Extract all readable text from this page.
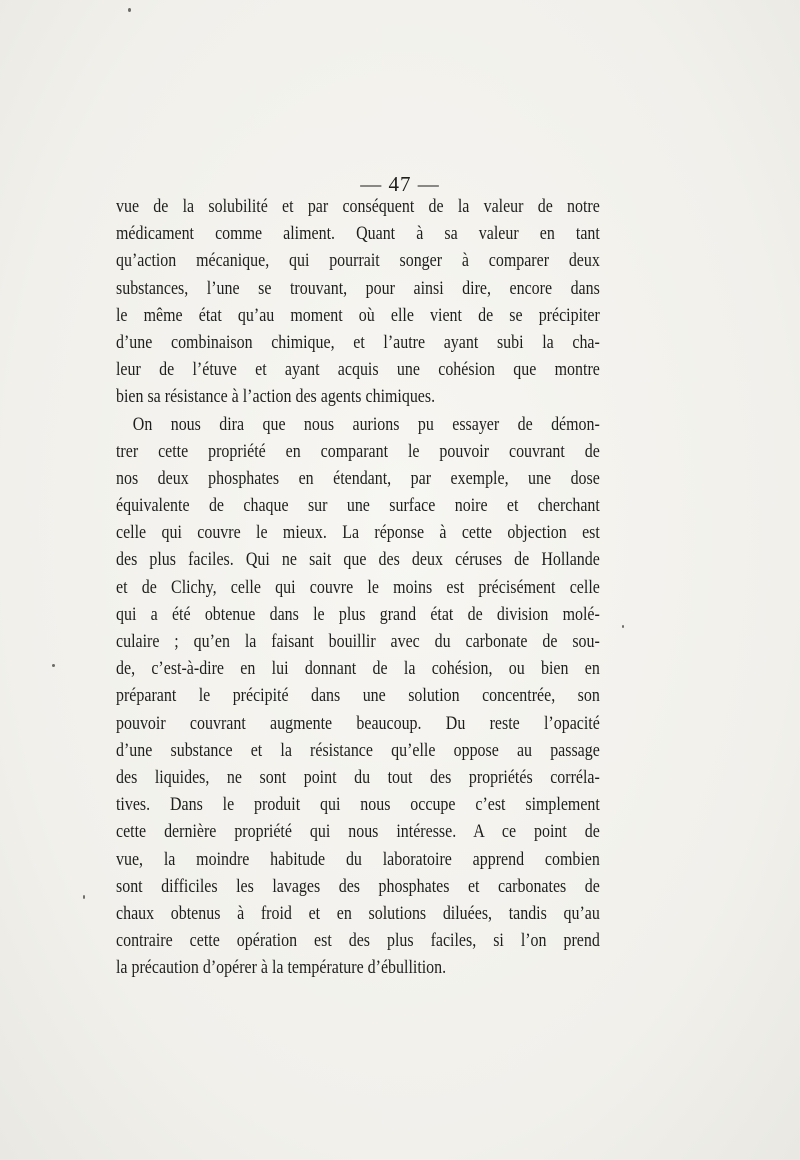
— 47 —
vue de la solubilité et par conséquent de la valeur de notre
médicament comme aliment. Quant à sa valeur en tant
qu’action mécanique, qui pourrait songer à comparer deux
substances, l’une se trouvant, pour ainsi dire, encore dans
le même état qu’au moment où elle vient de se précipiter
d’une combinaison chimique, et l’autre ayant subi la cha-
leur de l’étuve et ayant acquis une cohésion que montre
bien sa résistance à l’action des agents chimiques.
On nous dira que nous aurions pu essayer de démon-
trer cette propriété en comparant le pouvoir couvrant de
nos deux phosphates en étendant, par exemple, une dose
équivalente de chaque sur une surface noire et cherchant
celle qui couvre le mieux. La réponse à cette objection est
des plus faciles. Qui ne sait que des deux céruses de Hollande
et de Clichy, celle qui couvre le moins est précisément celle
qui a été obtenue dans le plus grand état de division molé-
culaire ; qu’en la faisant bouillir avec du carbonate de sou-
de, c’est-à-dire en lui donnant de la cohésion, ou bien en
préparant le précipité dans une solution concentrée, son
pouvoir couvrant augmente beaucoup. Du reste l’opacité
d’une substance et la résistance qu’elle oppose au passage
des liquides, ne sont point du tout des propriétés corréla-
tives. Dans le produit qui nous occupe c’est simplement
cette dernière propriété qui nous intéresse. A ce point de
vue, la moindre habitude du laboratoire apprend combien
sont difficiles les lavages des phosphates et carbonates de
chaux obtenus à froid et en solutions diluées, tandis qu’au
contraire cette opération est des plus faciles, si l’on prend
la précaution d’opérer à la température d’ébullition.
